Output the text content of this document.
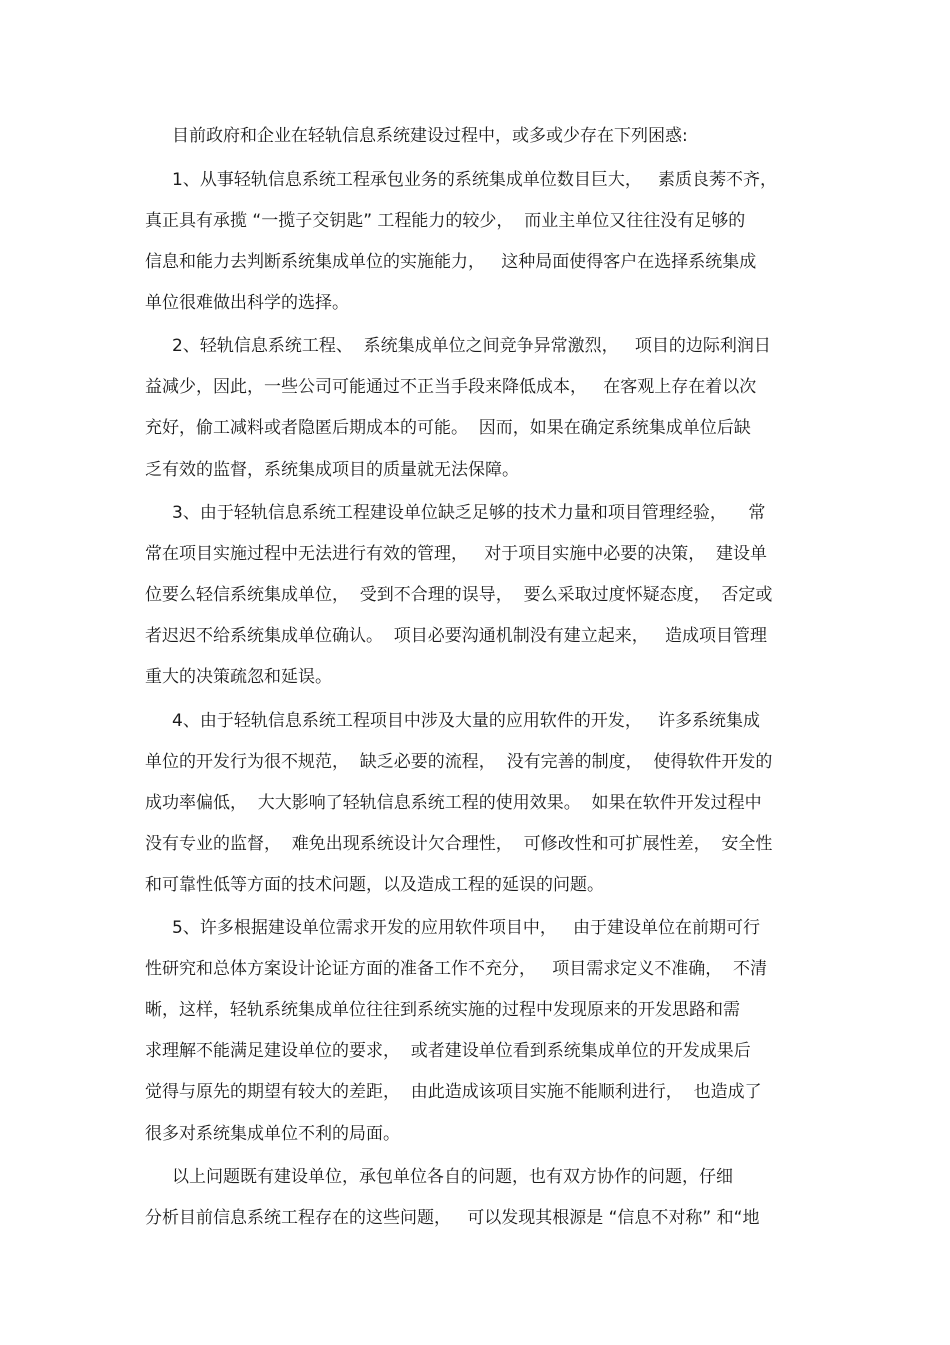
目前政府和企业在轻轨信息系统建设过程中，或多或少存在下列困惑:
1、从事轻轨信息系统工程承包业务的系统集成单位数目巨大，   素质良莠不齐，
真正具有承揽 “一揽子交钥匙” 工程能力的较少，  而业主单位又往往没有足够的
信息和能力去判断系统集成单位的实施能力，   这种局面使得客户在选择系统集成
单位很难做出科学的选择。
2、轻轨信息系统工程、  系统集成单位之间竞争异常激烈，   项目的边际利润日
益减少，因此，一些公司可能通过不正当手段来降低成本，   在客观上存在着以次
充好，偷工减料或者隐匿后期成本的可能。  因而，如果在确定系统集成单位后缺
乏有效的监督，系统集成项目的质量就无法保障。
3、由于轻轨信息系统工程建设单位缺乏足够的技术力量和项目管理经验，    常
常在项目实施过程中无法进行有效的管理，   对于项目实施中必要的决策，  建设单
位要么轻信系统集成单位，  受到不合理的误导，  要么采取过度怀疑态度，  否定或
者迟迟不给系统集成单位确认。  项目必要沟通机制没有建立起来，   造成项目管理
重大的决策疏忽和延误。
4、由于轻轨信息系统工程项目中涉及大量的应用软件的开发，   许多系统集成
单位的开发行为很不规范，  缺乏必要的流程，  没有完善的制度，  使得软件开发的
成功率偏低，  大大影响了轻轨信息系统工程的使用效果。  如果在软件开发过程中
没有专业的监督，  难免出现系统设计欠合理性，  可修改性和可扩展性差，  安全性
和可靠性低等方面的技术问题，以及造成工程的延误的问题。
5、许多根据建设单位需求开发的应用软件项目中，   由于建设单位在前期可行
性研究和总体方案设计论证方面的准备工作不充分，   项目需求定义不准确，  不清
晰，这样，轻轨系统集成单位往往到系统实施的过程中发现原来的开发思路和需
求理解不能满足建设单位的要求，  或者建设单位看到系统集成单位的开发成果后
觉得与原先的期望有较大的差距，  由此造成该项目实施不能顺利进行，  也造成了
很多对系统集成单位不利的局面。
以上问题既有建设单位，承包单位各自的问题，也有双方协作的问题，仔细
分析目前信息系统工程存在的这些问题，   可以发现其根源是 “信息不对称” 和“地
